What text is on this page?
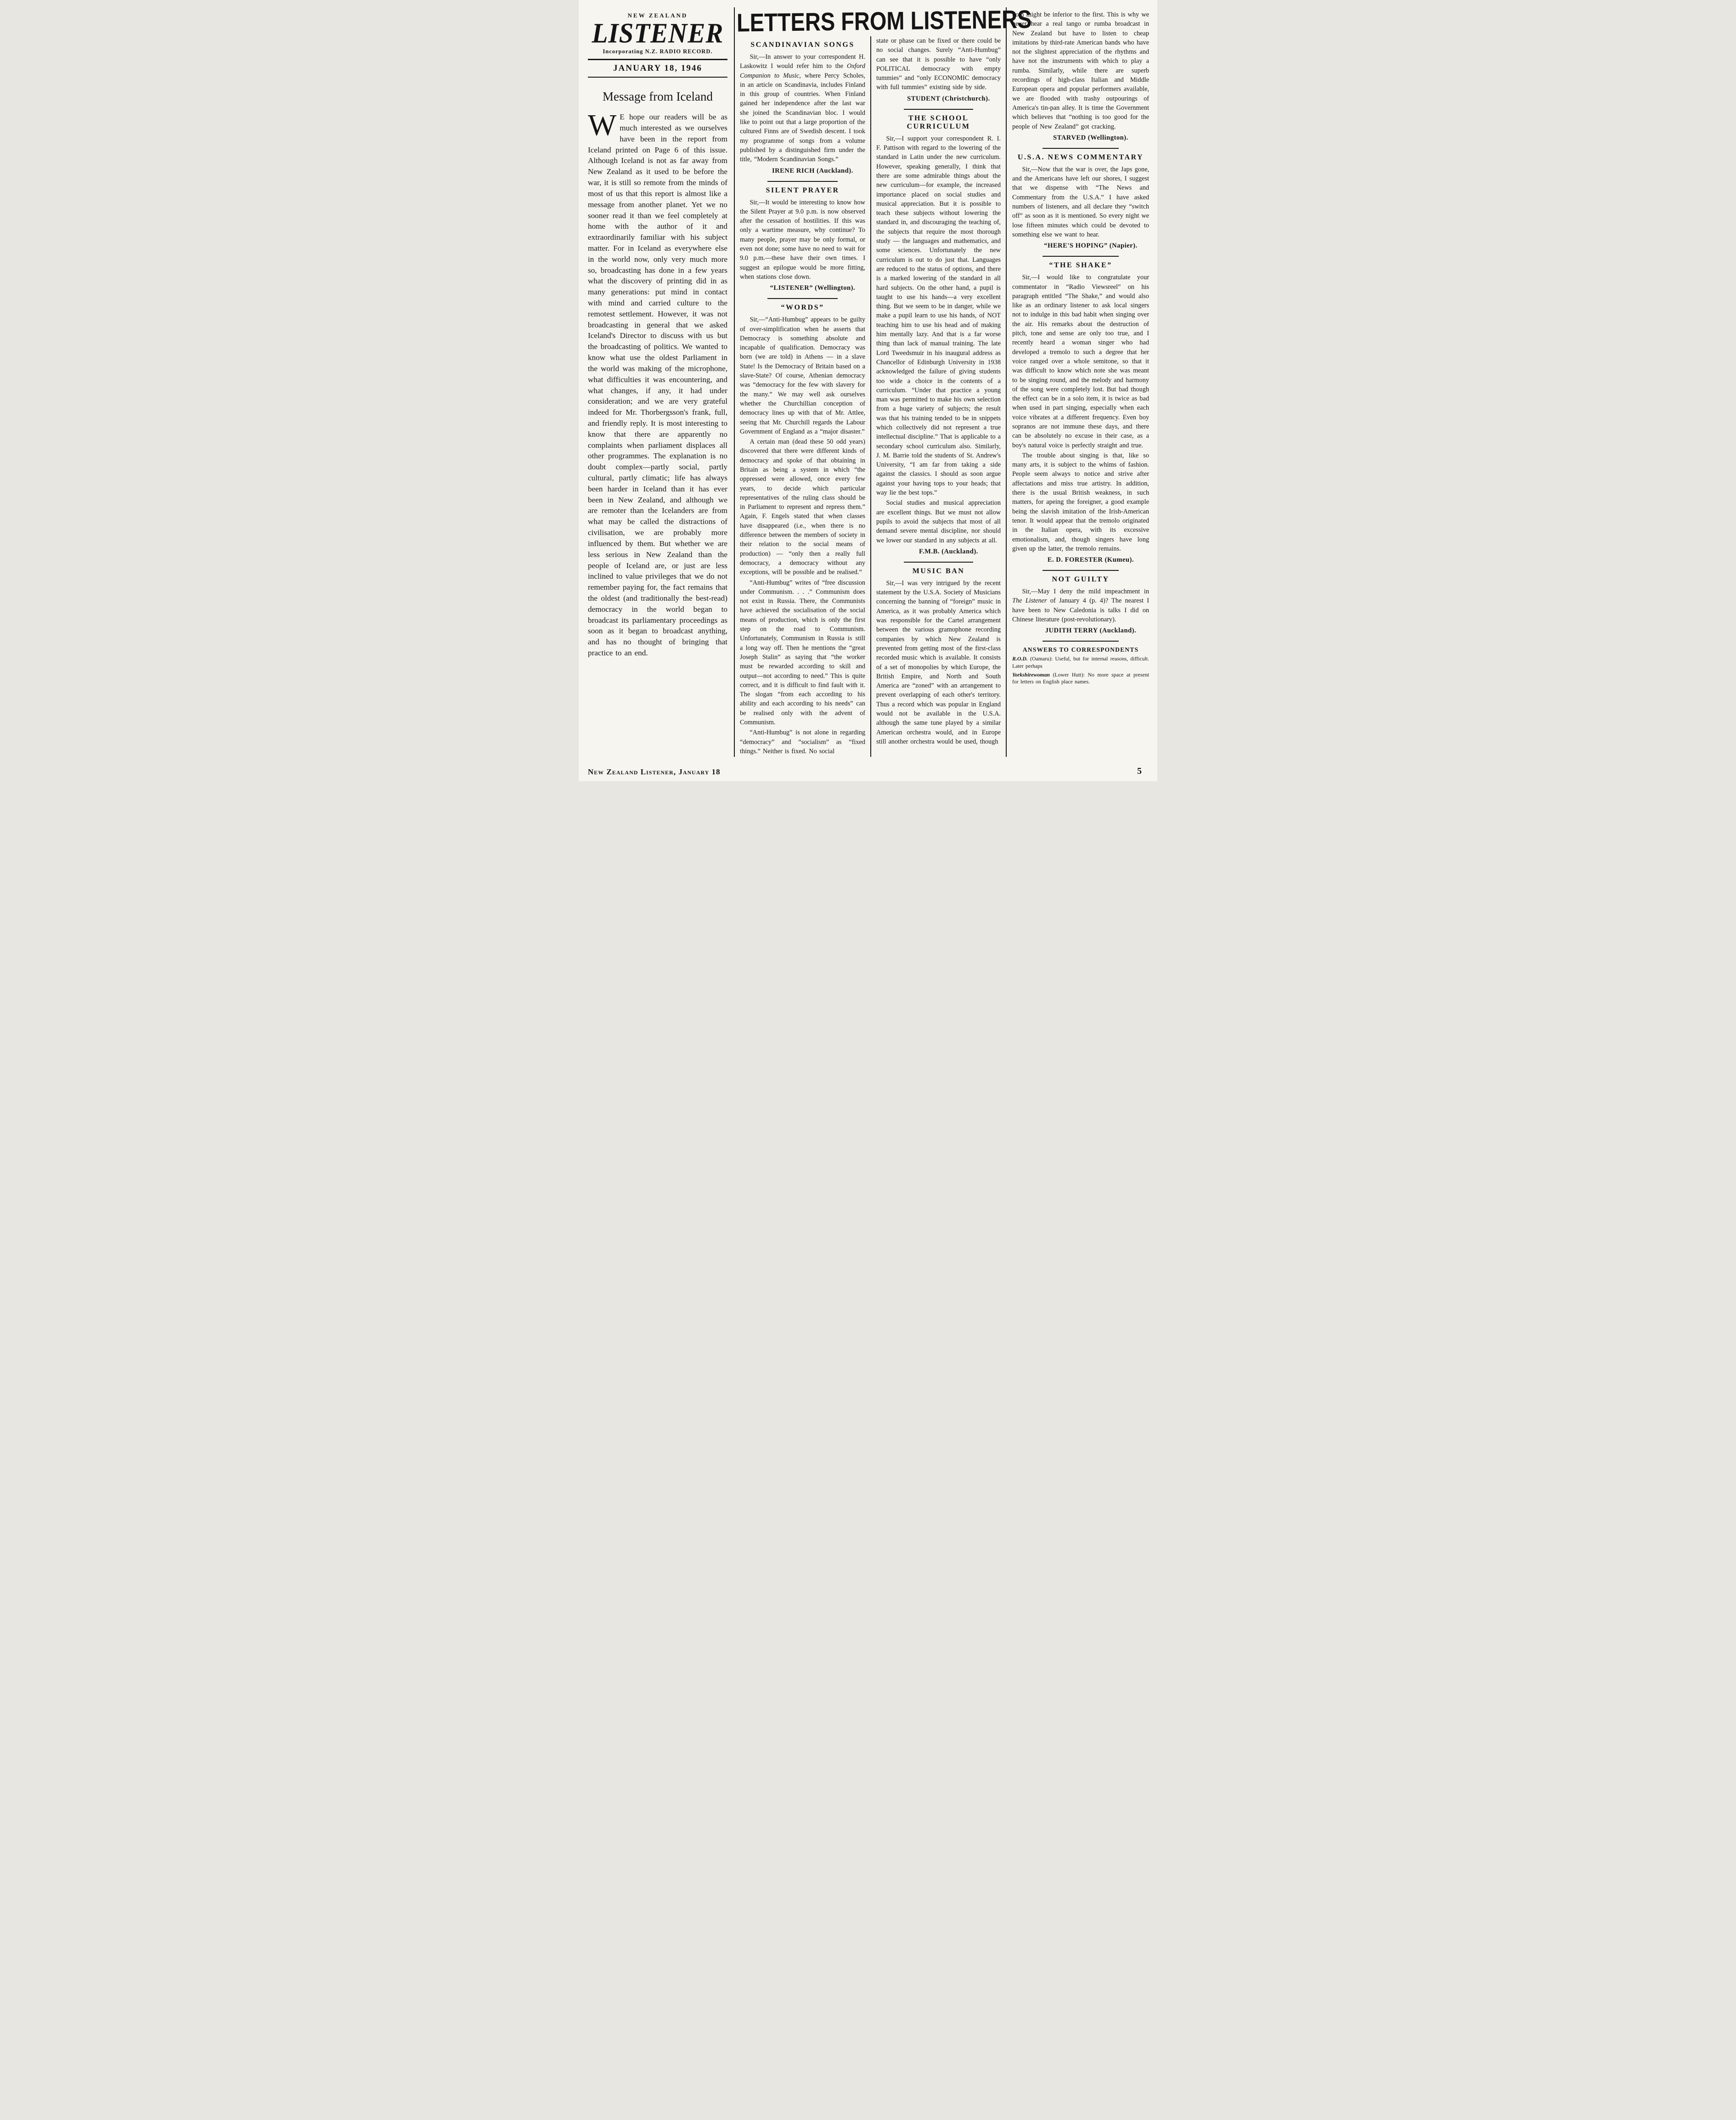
NEW ZEALAND
LISTENER
Incorporating N.Z. RADIO RECORD.
JANUARY 18, 1946
Message from Iceland

W E hope our readers will be as much interested as we ourselves have been in the report from Iceland printed on Page 6 of this issue. Although Iceland is not as far away from New Zealand as it used to be before the war, it is still so remote from the minds of most of us that this report is almost like a message from another planet. Yet we no sooner read it than we feel completely at home with the author of it and extraordinarily familiar with his subject matter. For in Iceland as everywhere else in the world now, only very much more so, broadcasting has done in a few years what the discovery of printing did in as many generations: put mind in contact with mind and carried culture to the remotest settlement. However, it was not broadcasting in general that we asked Iceland's Director to discuss with us but the broadcasting of politics. We wanted to know what use the oldest Parliament in the world was making of the microphone, what difficulties it was encountering, and what changes, if any, it had under consideration; and we are very grateful indeed for Mr. Thorbergsson's frank, full, and friendly reply. It is most interesting to know that there are apparently no complaints when parliament displaces all other programmes. The explanation is no doubt complex—partly social, partly cultural, partly climatic; life has always been harder in Iceland than it has ever been in New Zealand, and although we are remoter than the Icelanders are from what may be called the distractions of civilisation, we are probably more influenced by them. But whether we are less serious in New Zealand than the people of Iceland are, or just are less inclined to value privileges that we do not remember paying for, the fact remains that the oldest (and traditionally the best-read) democracy in the world began to broadcast its parliamentary proceedings as soon as it began to broadcast anything, and has no thought of bringing that practice to an end.

LETTERS FROM LISTENERS
SCANDINAVIAN SONGS

Sir,—In answer to your correspondent H. Laskowitz I would refer him to the Oxford Companion to Music, where Percy Scholes, in an article on Scandinavia, includes Finland in this group of countries. When Finland gained her independence after the last war she joined the Scandinavian bloc. I would like to point out that a large proportion of the cultured Finns are of Swedish descent. I took my programme of songs from a volume published by a distinguished firm under the title, “Modern Scandinavian Songs.”

IRENE RICH (Auckland).

SILENT PRAYER

Sir,—It would be interesting to know how the Silent Prayer at 9.0 p.m. is now observed after the cessation of hostilities. If this was only a wartime measure, why continue? To many people, prayer may be only formal, or even not done; some have no need to wait for 9.0 p.m.—these have their own times. I suggest an epilogue would be more fitting, when stations close down.

“LISTENER” (Wellington).

“WORDS”

Sir,—“Anti-Humbug” appears to be guilty of over-simplification when he asserts that Democracy is something absolute and incapable of qualification. Democracy was born (we are told) in Athens — in a slave State! Is the Democracy of Britain based on a slave-State? Of course, Athenian democracy was “democracy for the few with slavery for the many.” We may well ask ourselves whether the Churchillian conception of democracy lines up with that of Mr. Attlee, seeing that Mr. Churchill regards the Labour Government of England as a “major disaster.”

A certain man (dead these 50 odd years) discovered that there were different kinds of democracy and spoke of that obtaining in Britain as being a system in which “the oppressed were allowed, once every few years, to decide which particular representatives of the ruling class should be in Parliament to represent and repress them.” Again, F. Engels stated that when classes have disappeared (i.e., when there is no difference between the members of society in their relation to the social means of production) — “only then a really full democracy, a democracy without any exceptions, will be possible and be realised.”

“Anti-Humbug” writes of “free discussion under Communism. . . .” Communism does not exist in Russia. There, the Communists have achieved the socialisation of the social means of production, which is only the first step on the road to Communism. Unfortunately, Communism in Russia is still a long way off. Then he mentions the “great Joseph Stalin” as saying that “the worker must be rewarded according to skill and output—not according to need.” This is quite correct, and it is difficult to find fault with it. The slogan “from each according to his ability and each according to his needs” can be realised only with the advent of Communism.

“Anti-Humbug” is not alone in regarding “democracy” and “socialism” as “fixed things.” Neither is fixed. No social

state or phase can be fixed or there could be no social changes. Surely “Anti-Humbug” can see that it is possible to have “only POLITICAL democracy with empty tummies” and “only ECONOMIC democracy with full tummies” existing side by side.

STUDENT (Christchurch).

THE SCHOOL CURRICULUM

Sir,—I support your correspondent R. I. F. Pattison with regard to the lowering of the standard in Latin under the new curriculum. However, speaking generally, I think that there are some admirable things about the new curriculum—for example, the increased importance placed on social studies and musical appreciation. But it is possible to teach these subjects without lowering the standard in, and discouraging the teaching of, the subjects that require the most thorough study — the languages and mathematics, and some sciences. Unfortunately the new curriculum is out to do just that. Languages are reduced to the status of options, and there is a marked lowering of the standard in all hard subjects. On the other hand, a pupil is taught to use his hands—a very excellent thing. But we seem to be in danger, while we make a pupil learn to use his hands, of NOT teaching him to use his head and of making him mentally lazy. And that is a far worse thing than lack of manual training. The late Lord Tweedsmuir in his inaugural address as Chancellor of Edinburgh University in 1938 acknowledged the failure of giving students too wide a choice in the contents of a curriculum. “Under that practice a young man was permitted to make his own selection from a huge variety of subjects; the result was that his training tended to be in snippets which collectively did not represent a true intellectual discipline.” That is applicable to a secondary school curriculum also. Similarly, J. M. Barrie told the students of St. Andrew's University, “I am far from taking a side against the classics. I should as soon argue against your having tops to your heads; that way lie the best tops.”

Social studies and musical appreciation are excellent things. But we must not allow pupils to avoid the subjects that most of all demand severe mental discipline, nor should we lower our standard in any subjects at all.

F.M.B. (Auckland).

MUSIC BAN

Sir,—I was very intrigued by the recent statement by the U.S.A. Society of Musicians concerning the banning of “foreign” music in America, as it was probably America which was responsible for the Cartel arrangement between the various gramophone recording companies by which New Zealand is prevented from getting most of the first-class recorded music which is available. It consists of a set of monopolies by which Europe, the British Empire, and North and South America are “zoned” with an arrangement to prevent overlapping of each other's territory. Thus a record which was popular in England would not be available in the U.S.A. although the same tune played by a similar American orchestra would, and in Europe still another orchestra would be used, though

both might be inferior to the first. This is why we never hear a real tango or rumba broadcast in New Zealand but have to listen to cheap imitations by third-rate American bands who have not the slightest appreciation of the rhythms and have not the instruments with which to play a rumba. Similarly, while there are superb recordings of high-class Italian and Middle European opera and popular performers available, we are flooded with trashy outpourings of America's tin-pan alley. It is time the Government which believes that “nothing is too good for the people of New Zealand” got cracking.

STARVED (Wellington).

U.S.A. NEWS COMMENTARY

Sir,—Now that the war is over, the Japs gone, and the Americans have left our shores, I suggest that we dispense with “The News and Commentary from the U.S.A.” I have asked numbers of listeners, and all declare they “switch off” as soon as it is mentioned. So every night we lose fifteen minutes which could be devoted to something else we want to hear.

“HERE'S HOPING” (Napier).

“THE SHAKE”

Sir,—I would like to congratulate your commentator in “Radio Viewsreel” on his paragraph entitled “The Shake,” and would also like as an ordinary listener to ask local singers not to indulge in this bad habit when singing over the air. His remarks about the destruction of pitch, tone and sense are only too true, and I recently heard a woman singer who had developed a tremolo to such a degree that her voice ranged over a whole semitone, so that it was difficult to know which note she was meant to be singing round, and the melody and harmony of the song were completely lost. But bad though the effect can be in a solo item, it is twice as bad when used in part singing, especially when each voice vibrates at a different frequency. Even boy sopranos are not immune these days, and there can be absolutely no excuse in their case, as a boy's natural voice is perfectly straight and true.

The trouble about singing is that, like so many arts, it is subject to the whims of fashion. People seem always to notice and strive after affectations and miss true artistry. In addition, there is the usual British weakness, in such matters, for apeing the foreigner, a good example being the slavish imitation of the Irish-American tenor. It would appear that the tremolo originated in the Italian opera, with its excessive emotionalism, and, though singers have long given up the latter, the tremolo remains.

E. D. FORESTER (Kumeu).

NOT GUILTY

Sir,—May I deny the mild impeachment in The Listener of January 4 (p. 4)? The nearest I have been to New Caledonia is talks I did on Chinese literature (post-revolutionary).

JUDITH TERRY (Auckland).

ANSWERS TO CORRESPONDENTS

R.O.D. (Oamaru): Useful, but for internal reasons, difficult. Later perhaps

Yorkshirewoman (Lower Hutt): No more space at present for letters on English place names.

New Zealand Listener, January 18	5
